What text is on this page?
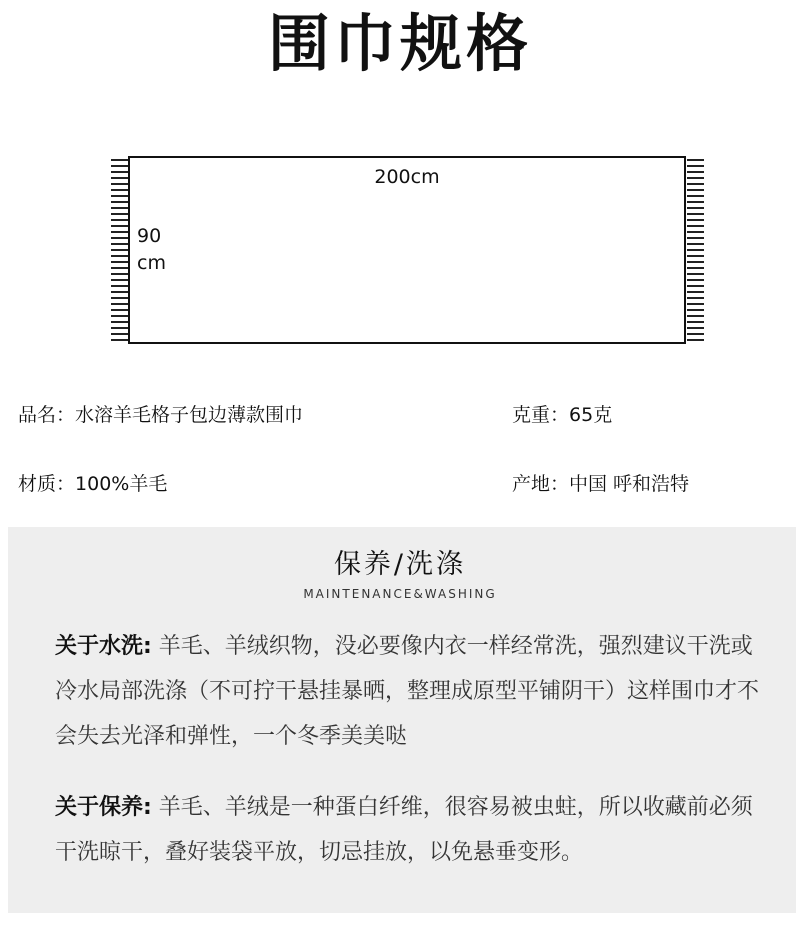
围巾规格
200cm
90
cm
品名：水溶羊毛格子包边薄款围巾	克重：65克
材质：100%羊毛	产地：中国 呼和浩特
保养/洗涤
MAINTENANCE&WASHING
关于水洗: 羊毛、羊绒织物，没必要像内衣一样经常洗，强烈建议干洗或冷水局部洗涤（不可拧干悬挂暴晒，整理成原型平铺阴干）这样围巾才不会失去光泽和弹性，一个冬季美美哒
关于保养: 羊毛、羊绒是一种蛋白纤维，很容易被虫蛀，所以收藏前必须干洗晾干，叠好装袋平放，切忌挂放，以免悬垂变形。
